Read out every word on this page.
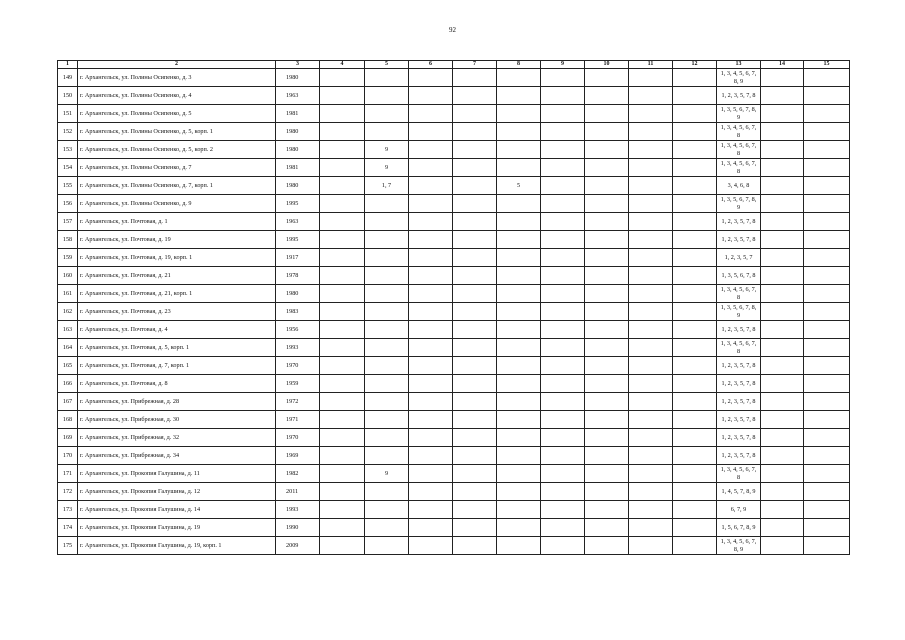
92
1	2	3	4	5	6	7	8	9	10	11	12	13	14	15
149	г. Архангельск, ул. Полины Осипенко, д. 3	1980										1, 3, 4, 5, 6, 7, 8, 9		
150	г. Архангельск, ул. Полины Осипенко, д. 4	1963										1, 2, 3, 5, 7, 8		
151	г. Архангельск, ул. Полины Осипенко, д. 5	1981										1, 3, 5, 6, 7, 8, 9		
152	г. Архангельск, ул. Полины Осипенко, д. 5, корп. 1	1980										1, 3, 4, 5, 6, 7, 8		
153	г. Архангельск, ул. Полины Осипенко, д. 5, корп. 2	1980		9								1, 3, 4, 5, 6, 7, 8		
154	г. Архангельск, ул. Полины Осипенко, д. 7	1981		9								1, 3, 4, 5, 6, 7, 8		
155	г. Архангельск, ул. Полины Осипенко, д. 7, корп. 1	1980		1, 7			5					3, 4, 6, 8		
156	г. Архангельск, ул. Полины Осипенко, д. 9	1995										1, 3, 5, 6, 7, 8, 9		
157	г. Архангельск, ул. Почтовая, д. 1	1963										1, 2, 3, 5, 7, 8		
158	г. Архангельск, ул. Почтовая, д. 19	1995										1, 2, 3, 5, 7, 8		
159	г. Архангельск, ул. Почтовая, д. 19, корп. 1	1917										1, 2, 3, 5, 7		
160	г. Архангельск, ул. Почтовая, д. 21	1978										1, 3, 5, 6, 7, 8		
161	г. Архангельск, ул. Почтовая, д. 21, корп. 1	1980										1, 3, 4, 5, 6, 7, 8		
162	г. Архангельск, ул. Почтовая, д. 23	1983										1, 3, 5, 6, 7, 8, 9		
163	г. Архангельск, ул. Почтовая, д. 4	1956										1, 2, 3, 5, 7, 8		
164	г. Архангельск, ул. Почтовая, д. 5, корп. 1	1993										1, 3, 4, 5, 6, 7, 8		
165	г. Архангельск, ул. Почтовая, д. 7, корп. 1	1970										1, 2, 3, 5, 7, 8		
166	г. Архангельск, ул. Почтовая, д. 8	1959										1, 2, 3, 5, 7, 8		
167	г. Архангельск, ул. Прибрежная, д. 28	1972										1, 2, 3, 5, 7, 8		
168	г. Архангельск, ул. Прибрежная, д. 30	1971										1, 2, 3, 5, 7, 8		
169	г. Архангельск, ул. Прибрежная, д. 32	1970										1, 2, 3, 5, 7, 8		
170	г. Архангельск, ул. Прибрежная, д. 34	1969										1, 2, 3, 5, 7, 8		
171	г. Архангельск, ул. Прокопия Галушина, д. 11	1982		9								1, 3, 4, 5, 6, 7, 8		
172	г. Архангельск, ул. Прокопия Галушина, д. 12	2011										1, 4, 5, 7, 8, 9		
173	г. Архангельск, ул. Прокопия Галушина, д. 14	1993										6, 7, 9		
174	г. Архангельск, ул. Прокопия Галушина, д. 19	1990										1, 5, 6, 7, 8, 9		
175	г. Архангельск, ул. Прокопия Галушина, д. 19, корп. 1	2009										1, 3, 4, 5, 6, 7, 8, 9		
